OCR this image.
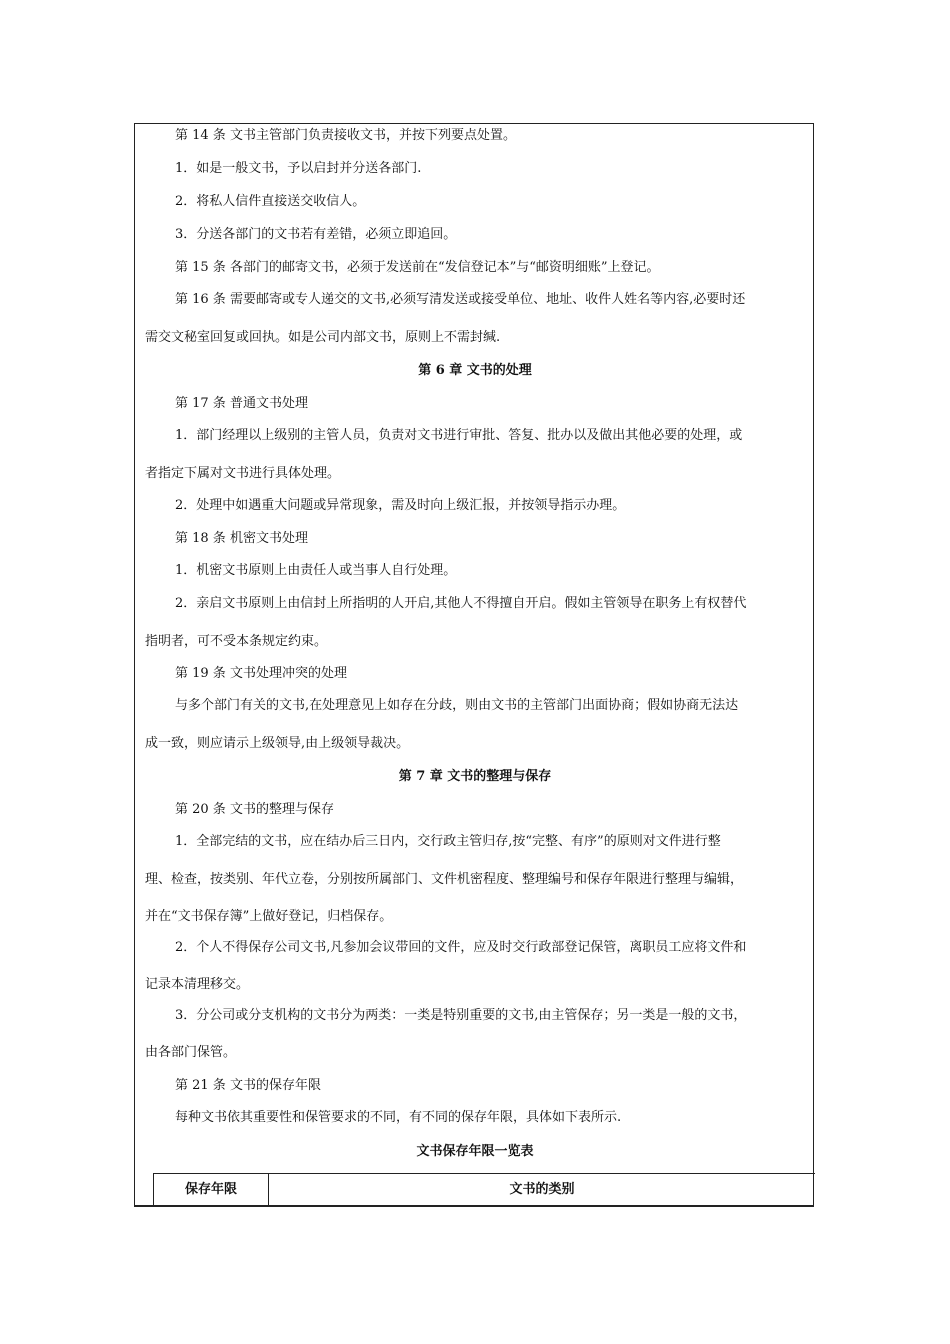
第 14 条 文书主管部门负责接收文书，并按下列要点处置。
1．如是一般文书，予以启封并分送各部门.
2．将私人信件直接送交收信人。
3．分送各部门的文书若有差错，必须立即追回。
第 15 条 各部门的邮寄文书，必须于发送前在“发信登记本”与“邮资明细账”上登记。
第 16 条 需要邮寄或专人递交的文书,必须写清发送或接受单位、地址、收件人姓名等内容,必要时还
需交文秘室回复或回执。如是公司内部文书，原则上不需封缄.
第 6 章 文书的处理
第 17 条 普通文书处理
1．部门经理以上级别的主管人员，负责对文书进行审批、答复、批办以及做出其他必要的处理，或
者指定下属对文书进行具体处理。
2．处理中如遇重大问题或异常现象，需及时向上级汇报，并按领导指示办理。
第 18 条 机密文书处理
1．机密文书原则上由责任人或当事人自行处理。
2．亲启文书原则上由信封上所指明的人开启,其他人不得擅自开启。假如主管领导在职务上有权替代
指明者，可不受本条规定约束。
第 19 条 文书处理冲突的处理
与多个部门有关的文书,在处理意见上如存在分歧，则由文书的主管部门出面协商；假如协商无法达
成一致，则应请示上级领导,由上级领导裁决。
第 7 章 文书的整理与保存
第 20 条 文书的整理与保存
1．全部完结的文书，应在结办后三日内，交行政主管归存,按“完整、有序”的原则对文件进行整
理、检查，按类别、年代立卷，分别按所属部门、文件机密程度、整理编号和保存年限进行整理与编辑，
并在“文书保存簿”上做好登记，归档保存。
2．个人不得保存公司文书,凡参加会议带回的文件，应及时交行政部登记保管，离职员工应将文件和
记录本清理移交。
3．分公司或分支机构的文书分为两类：一类是特别重要的文书,由主管保存；另一类是一般的文书，
由各部门保管。
第 21 条 文书的保存年限
每种文书依其重要性和保管要求的不同，有不同的保存年限，具体如下表所示.
文书保存年限一览表
保存年限	文书的类别
